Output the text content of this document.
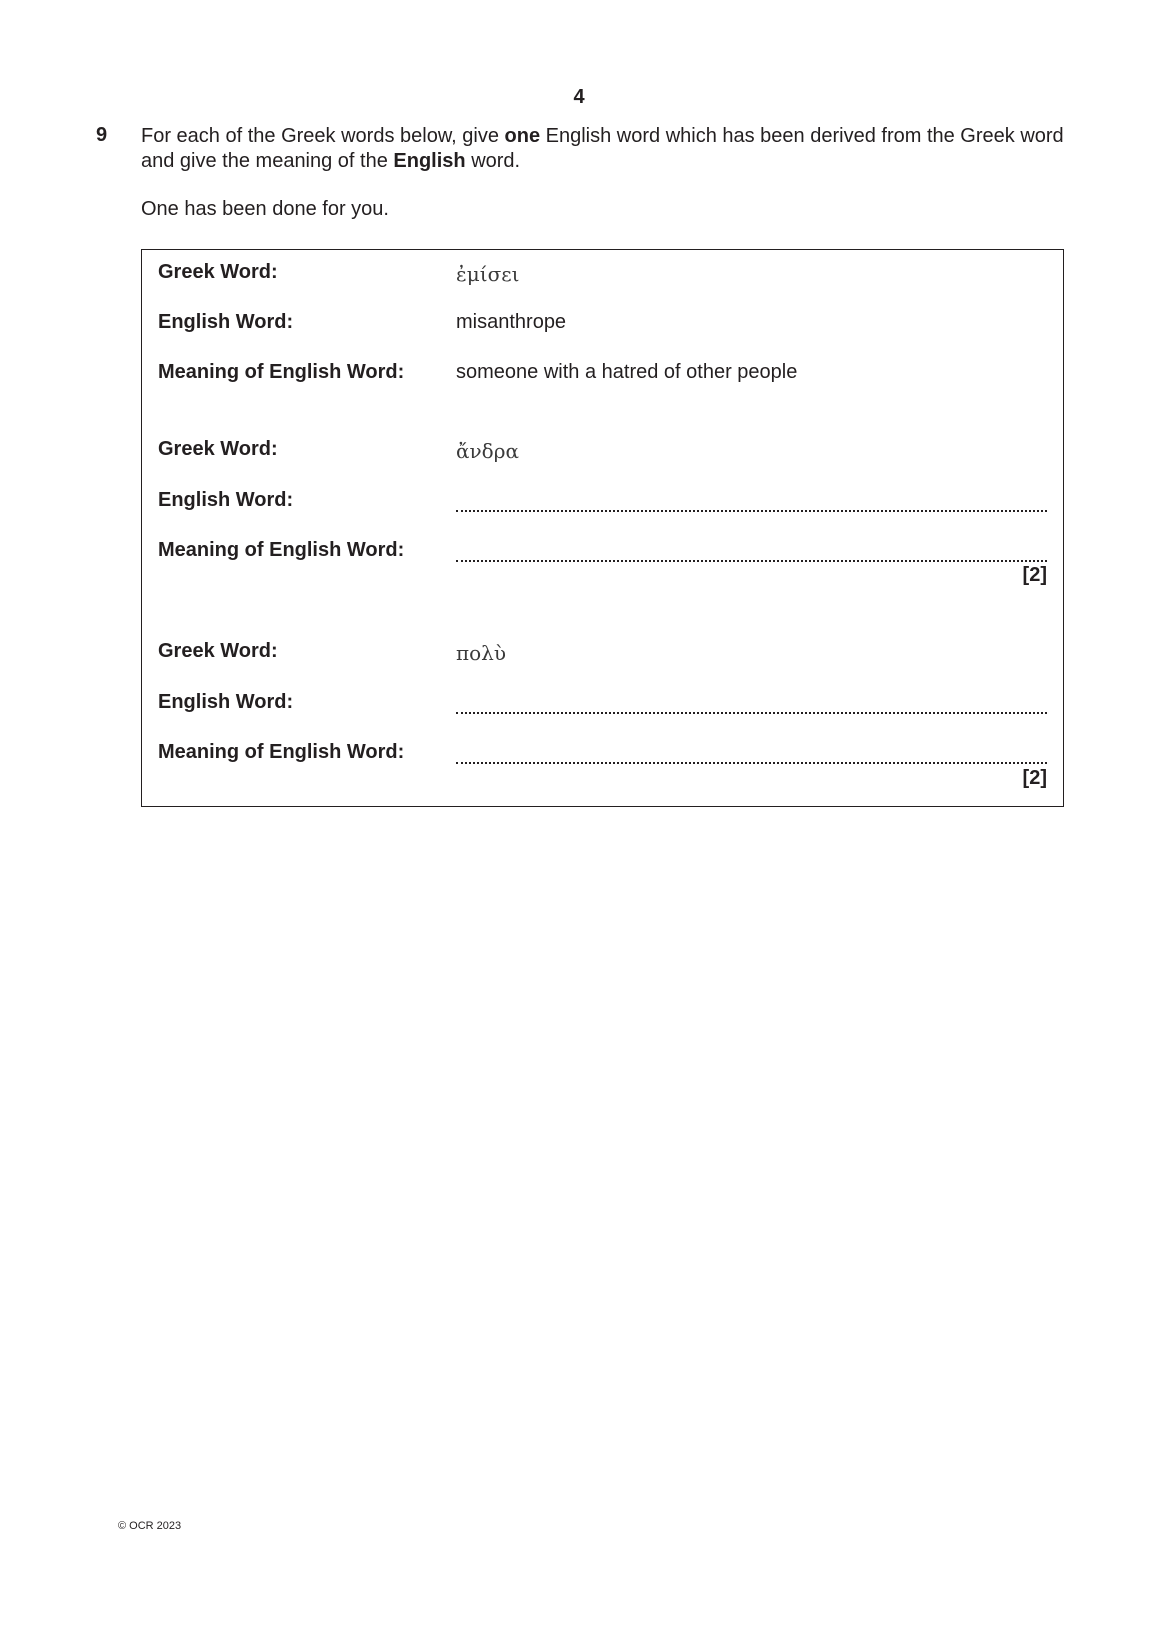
4
9 For each of the Greek words below, give one English word which has been derived from the Greek word and give the meaning of the English word.
One has been done for you.
Greek Word:	ἐμίσει
English Word:	misanthrope
Meaning of English Word:	someone with a hatred of other people
Greek Word:	ἄνδρα
English Word:
Meaning of English Word:
[2]
Greek Word:	πολὺ
English Word:
Meaning of English Word:
[2]
© OCR 2023
